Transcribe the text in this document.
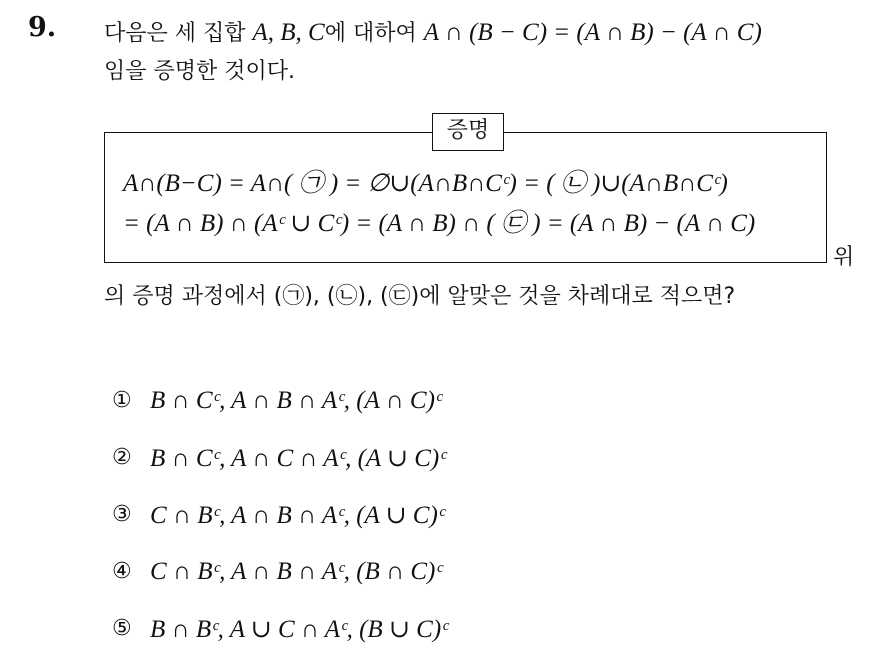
9. 다음은 세 집합 A, B, C에 대하여 A ∩ (B − C) = (A ∩ B) − (A ∩ C)
임을 증명한 것이다.
증명
A∩(B−C) = A∩( ㉠ ) = ∅∪(A∩B∩Cᶜ) = ( ㉡ )∪(A∩B∩Cᶜ)
= (A ∩ B) ∩ (Aᶜ ∪ Cᶜ) = (A ∩ B) ∩ ( ㉢ ) = (A ∩ B) − (A ∩ C)
위
의 증명 과정에서 (㉠), (㉡), (㉢)에 알맞은 것을 차례대로 적으면?
① B ∩ Cᶜ, A ∩ B ∩ Aᶜ, (A ∩ C)ᶜ
② B ∩ Cᶜ, A ∩ C ∩ Aᶜ, (A ∪ C)ᶜ
③ C ∩ Bᶜ, A ∩ B ∩ Aᶜ, (A ∪ C)ᶜ
④ C ∩ Bᶜ, A ∩ B ∩ Aᶜ, (B ∩ C)ᶜ
⑤ B ∩ Bᶜ, A ∪ C ∩ Aᶜ, (B ∪ C)ᶜ
